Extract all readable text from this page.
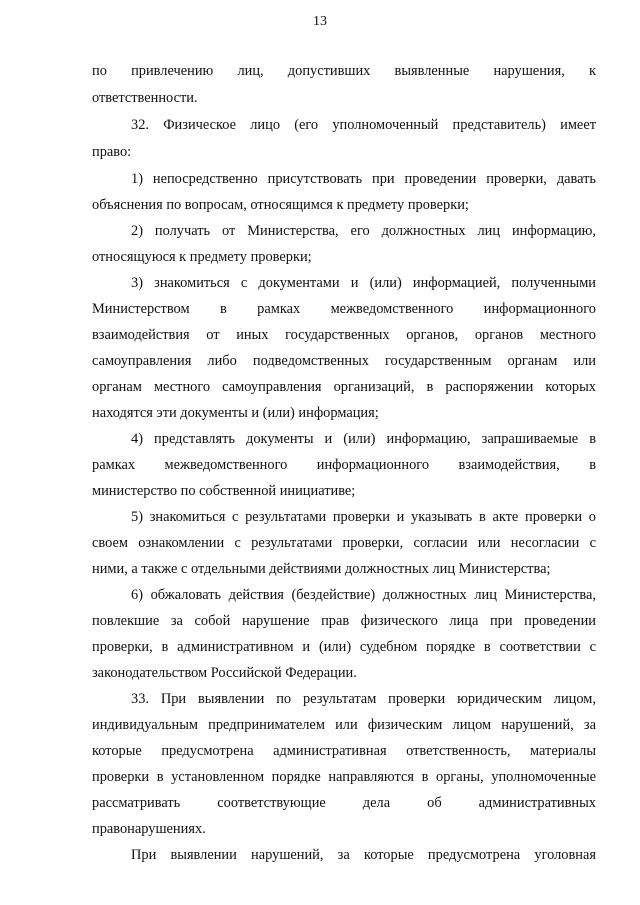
13
по привлечению лиц, допустивших выявленные нарушения, к
ответственности.
32. Физическое лицо (его уполномоченный представитель) имеет
право:
1) непосредственно присутствовать при проведении проверки, давать
объяснения по вопросам, относящимся к предмету проверки;
2) получать от Министерства, его должностных лиц информацию,
относящуюся к предмету проверки;
3) знакомиться с документами и (или) информацией, полученными
Министерством в рамках межведомственного информационного
взаимодействия от иных государственных органов, органов местного
самоуправления либо подведомственных государственным органам или
органам местного самоуправления организаций, в распоряжении которых
находятся эти документы и (или) информация;
4) представлять документы и (или) информацию, запрашиваемые в
рамках межведомственного информационного взаимодействия, в
министерство по собственной инициативе;
5) знакомиться с результатами проверки и указывать в акте проверки о
своем ознакомлении с результатами проверки, согласии или несогласии с
ними, а также с отдельными действиями должностных лиц Министерства;
6) обжаловать действия (бездействие) должностных лиц Министерства,
повлекшие за собой нарушение прав физического лица при проведении
проверки, в административном и (или) судебном порядке в соответствии с
законодательством Российской Федерации.
33. При выявлении по результатам проверки юридическим лицом,
индивидуальным предпринимателем или физическим лицом нарушений, за
которые предусмотрена административная ответственность, материалы
проверки в установленном порядке направляются в органы, уполномоченные
рассматривать соответствующие дела об административных
правонарушениях.
При выявлении нарушений, за которые предусмотрена уголовная
